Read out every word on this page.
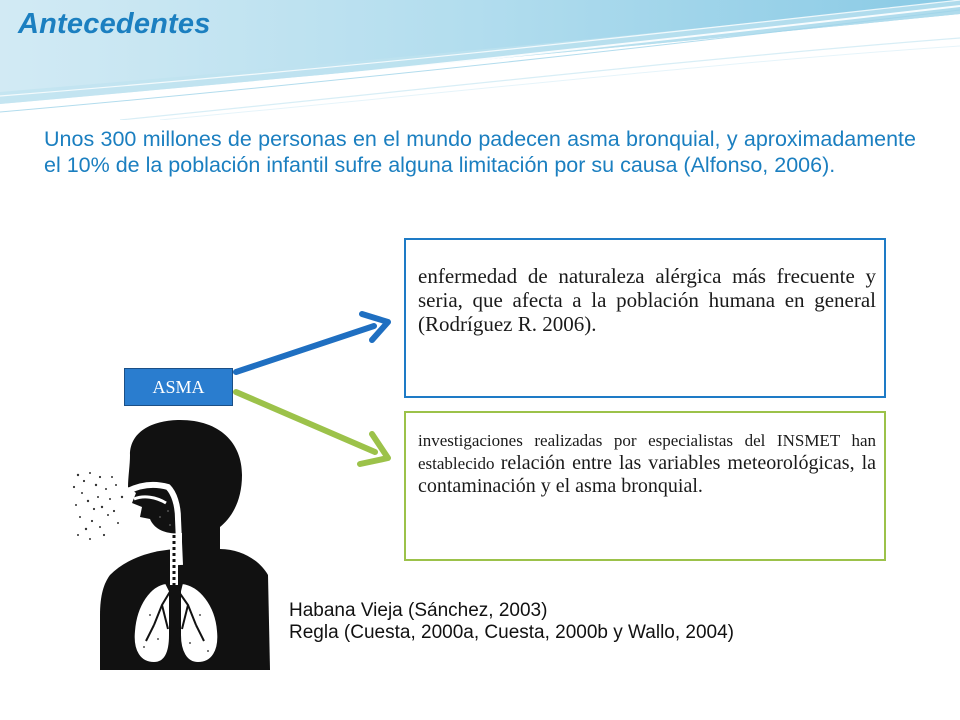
Antecedentes

Unos 300 millones de personas en el mundo padecen asma bronquial, y aproximadamente el 10% de la población infantil sufre alguna limitación por su causa (Alfonso, 2006).

enfermedad de naturaleza alérgica más frecuente y seria, que afecta a la población humana en general (Rodríguez R. 2006).
investigaciones realizadas por especialistas del INSMET han establecido relación entre las variables meteorológicas, la contaminación y el asma bronquial.
ASMA
Habana Vieja (Sánchez, 2003)
Regla (Cuesta, 2000a, Cuesta, 2000b y Wallo, 2004)
